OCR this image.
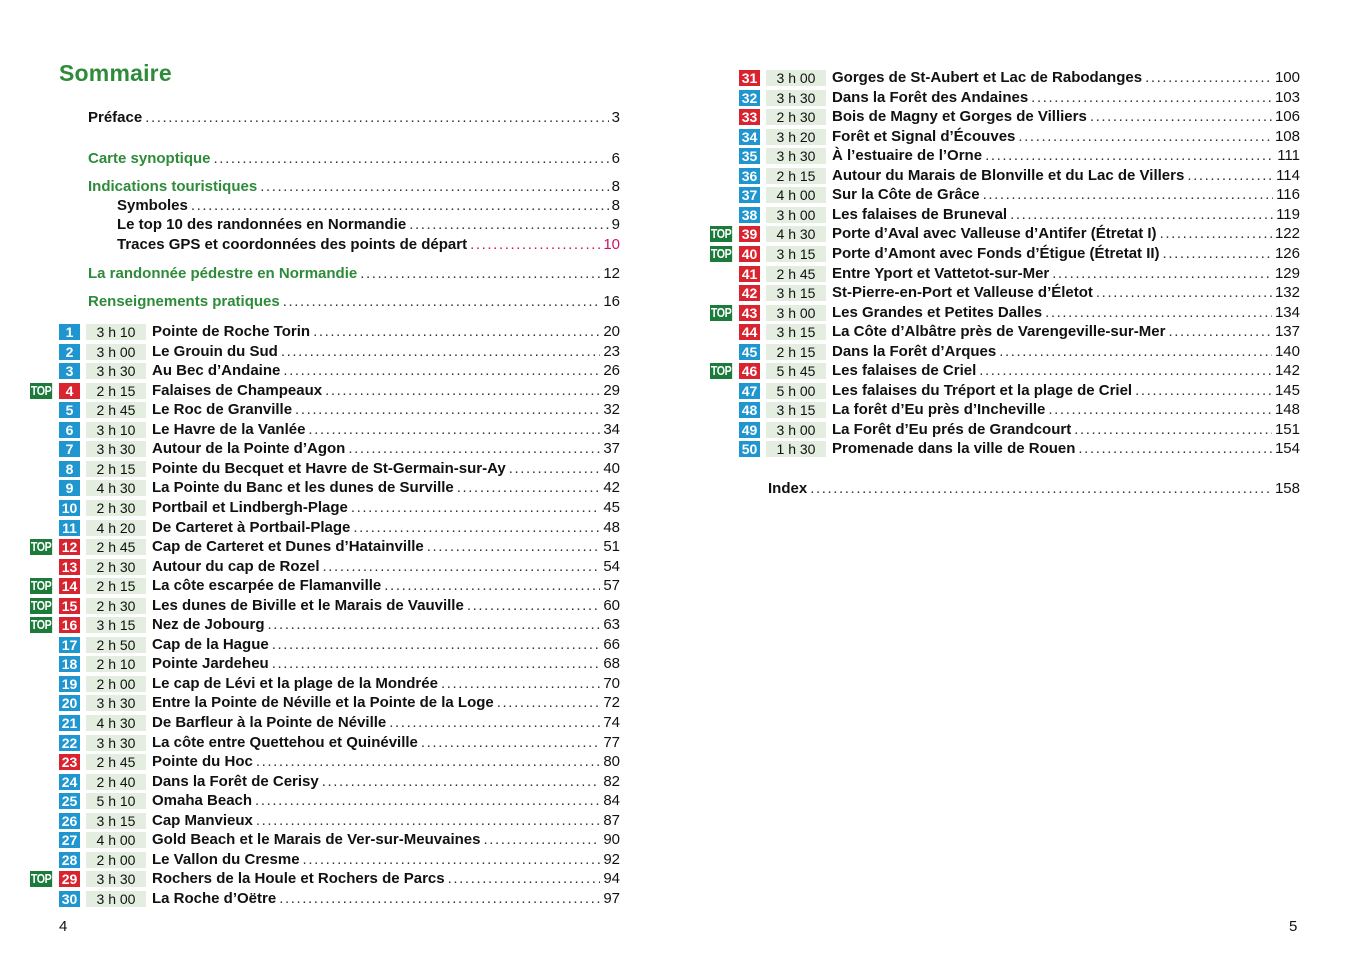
Sommaire
Préface .....	3
Carte synoptique .....	6
Indications touristiques .....	8
Symboles .....	8
Le top 10 des randonnées en Normandie .....	9
Traces GPS et coordonnées des points de départ .....	10
La randonnée pédestre en Normandie .....	12
Renseignements pratiques .....	16
1	3 h 10	Pointe de Roche Torin .....	20
2	3 h 00	Le Grouin du Sud .....	23
3	3 h 30	Au Bec d’Andaine .....	26
TOP	4	2 h 15	Falaises de Champeaux .....	29
5	2 h 45	Le Roc de Granville .....	32
6	3 h 10	Le Havre de la Vanlée .....	34
7	3 h 30	Autour de la Pointe d’Agon .....	37
8	2 h 15	Pointe du Becquet et Havre de St-Germain-sur-Ay .....	40
9	4 h 30	La Pointe du Banc et les dunes de Surville .....	42
10	2 h 30	Portbail et Lindbergh-Plage .....	45
11	4 h 20	De Carteret à Portbail-Plage .....	48
TOP 12	2 h 45	Cap de Carteret et Dunes d’Hatainville .....	51
13	2 h 30	Autour du cap de Rozel .....	54
TOP 14	2 h 15	La côte escarpée de Flamanville .....	57
TOP 15	2 h 30	Les dunes de Biville et le Marais de Vauville .....	60
TOP 16	3 h 15	Nez de Jobourg .....	63
17	2 h 50	Cap de la Hague .....	66
18	2 h 10	Pointe Jardeheu .....	68
19	2 h 00	Le cap de Lévi et la plage de la Mondrée .....	70
20	3 h 30	Entre la Pointe de Néville et la Pointe de la Loge .....	72
21	4 h 30	De Barfleur à la Pointe de Néville .....	74
22	3 h 30	La côte entre Quettehou et Quinéville .....	77
23	2 h 45	Pointe du Hoc .....	80
24	2 h 40	Dans la Forêt de Cerisy .....	82
25	5 h 10	Omaha Beach .....	84
26	3 h 15	Cap Manvieux .....	87
27	4 h 00	Gold Beach et le Marais de Ver-sur-Meuvaines .....	90
28	2 h 00	Le Vallon du Cresme .....	92
TOP 29	3 h 30	Rochers de la Houle et Rochers de Parcs .....	94
30	3 h 00	La Roche d’Oëtre .....	97
4
31	3 h 00	Gorges de St-Aubert et Lac de Rabodanges .....	100
32	3 h 30	Dans la Forêt des Andaines .....	103
33	2 h 30	Bois de Magny et Gorges de Villiers .....	106
34	3 h 20	Forêt et Signal d’Écouves .....	108
35	3 h 30	À l’estuaire de l’Orne .....	111
36	2 h 15	Autour du Marais de Blonville et du Lac de Villers .....	114
37	4 h 00	Sur la Côte de Grâce .....	116
38	3 h 00	Les falaises de Bruneval .....	119
TOP 39	4 h 30	Porte d’Aval avec Valleuse d’Antifer (Étretat I) .....	122
TOP 40	3 h 15	Porte d’Amont avec Fonds d’Étigue (Étretat II) .....	126
41	2 h 45	Entre Yport et Vattetot-sur-Mer .....	129
42	3 h 15	St-Pierre-en-Port et Valleuse d’Életot .....	132
TOP 43	3 h 00	Les Grandes et Petites Dalles .....	134
44	3 h 15	La Côte d’Albâtre près de Varengeville-sur-Mer .....	137
45	2 h 15	Dans la Forêt d’Arques .....	140
TOP 46	5 h 45	Les falaises de Criel .....	142
47	5 h 00	Les falaises du Tréport et la plage de Criel .....	145
48	3 h 15	La forêt d’Eu près d’Incheville .....	148
49	3 h 00	La Forêt d’Eu prés de Grandcourt .....	151
50	1 h 30	Promenade dans la ville de Rouen .....	154
Index .....	158
5
